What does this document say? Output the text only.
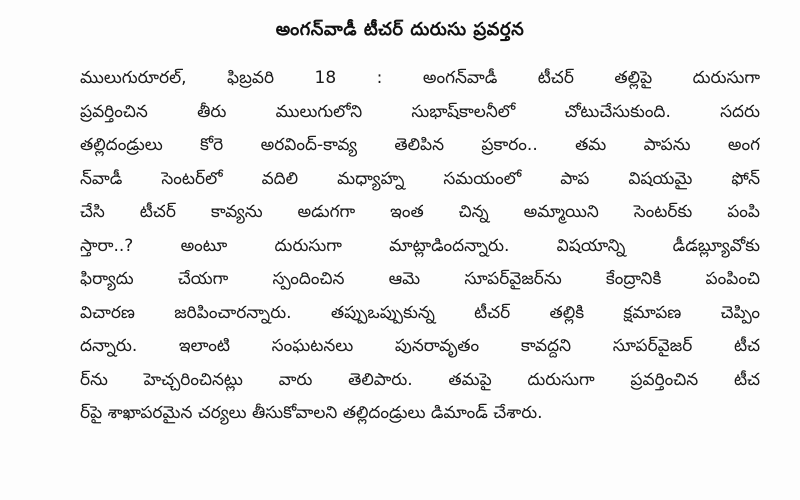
అంగన్‌వాడీ టీచర్ దురుసు ప్రవర్తన
ములుగురూరల్, ఫిబ్రవరి 18 : అంగన్‌వాడీ టీచర్ తల్లిపై దురుసుగా
ప్రవర్తించిన తీరు ములుగులోని సుభాష్‌కాలనీలో చోటుచేసుకుంది. సదరు
తల్లిదండ్రులు కోరె అరవింద్-కావ్య తెలిపిన ప్రకారం.. తమ పాపను అంగ
న్‌వాడీ సెంటర్‌లో వదిలి మధ్యాహ్న సమయంలో పాప విషయమై ఫోన్
చేసి టీచర్ కావ్యను అడుగగా ఇంత చిన్న అమ్మాయిని సెంటర్‌కు పంపి
స్తారా..? అంటూ దురుసుగా మాట్లాడిందన్నారు. విషయాన్ని డీడబ్ల్యూవోకు
ఫిర్యాదు చేయగా స్పందించిన ఆమె సూపర్‌వైజర్‌ను కేంద్రానికి పంపించి
విచారణ జరిపించారన్నారు. తప్పుఒప్పుకున్న టీచర్ తల్లికి క్షమాపణ చెప్పిం
దన్నారు. ఇలాంటి సంఘటనలు పునరావృతం కావద్దని సూపర్‌వైజర్ టీచ
ర్‌ను హెచ్చరించినట్లు వారు తెలిపారు. తమపై దురుసుగా ప్రవర్తించిన టీచ
ర్‌పై శాఖాపరమైన చర్యలు తీసుకోవాలని తల్లిదండ్రులు డిమాండ్ చేశారు.
